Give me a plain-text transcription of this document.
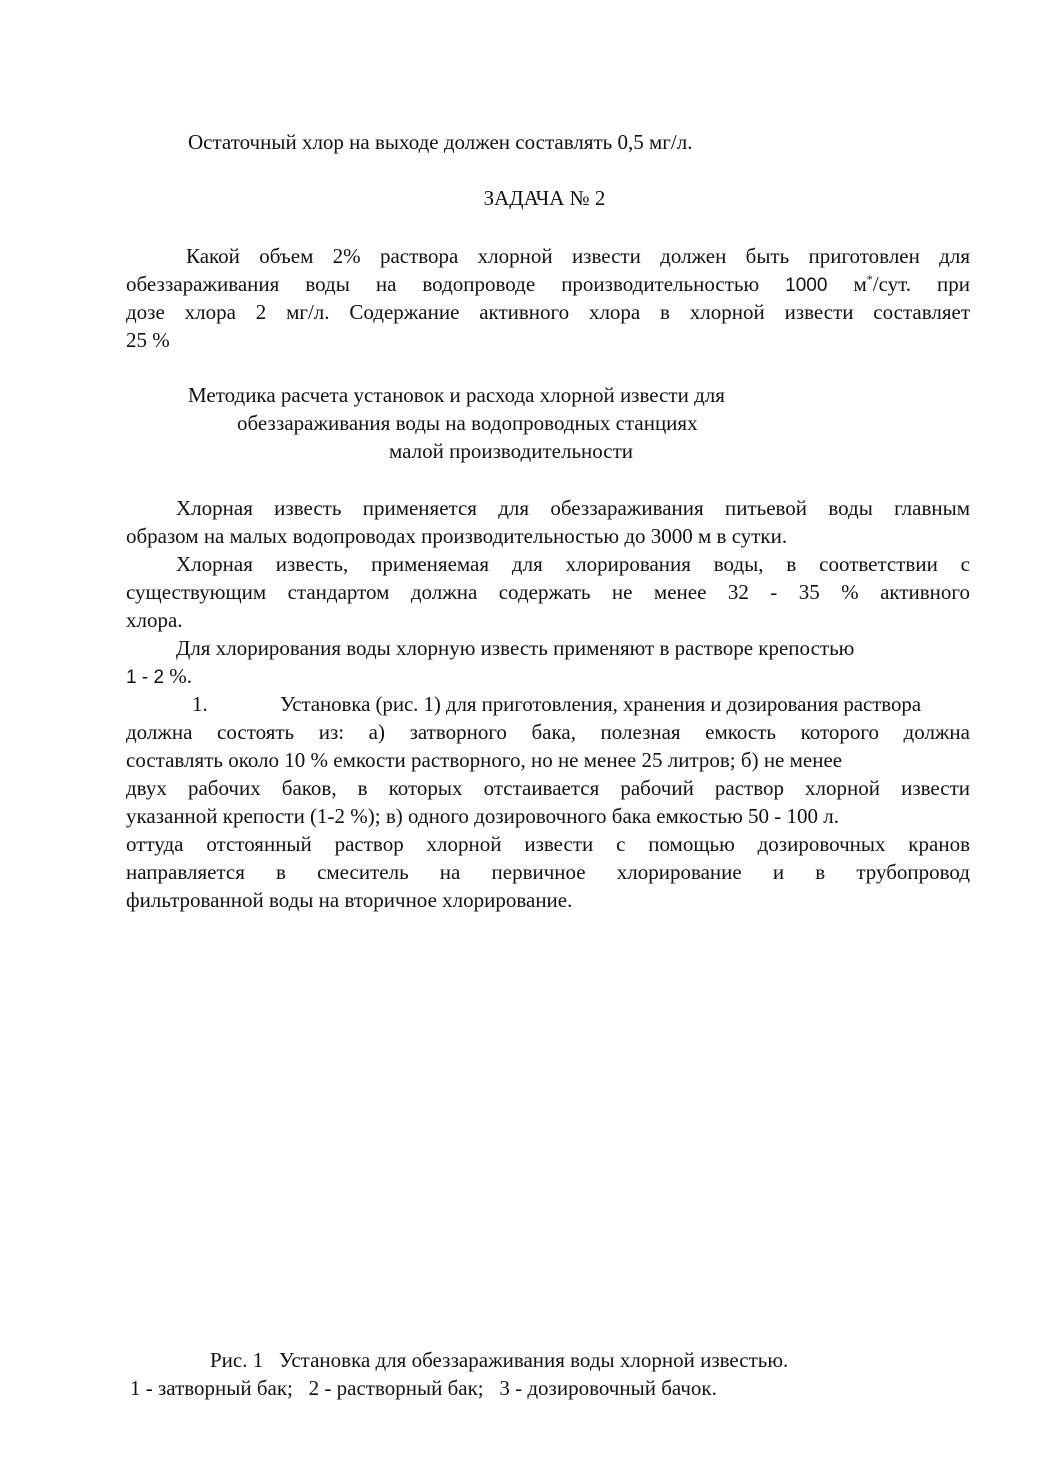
Остаточный хлор на выходе должен составлять 0,5 мг/л.
ЗАДАЧА № 2
Какой объем 2% раствора хлорной извести должен быть приготовлен для
обеззараживания воды на водопроводе производительностью 1000 м*/сут. при
дозе хлора 2 мг/л. Содержание активного хлора в хлорной извести составляет
25 %
Методика расчета установок и расхода хлорной извести для
обеззараживания воды на водопроводных станциях
малой производительности
Хлорная известь применяется для обеззараживания питьевой воды главным
образом на малых водопроводах производительностью до 3000 м в сутки.
Хлорная известь, применяемая для хлорирования воды, в соответствии с
существующим стандартом должна содержать не менее 32 - 35 % активного
хлора.
Для хлорирования воды хлорную известь применяют в растворе крепостью
1 - 2 %.
1.	Установка (рис. 1) для приготовления, хранения и дозирования раствора
должна состоять из: а) затворного бака, полезная емкость которого должна
составлять около 10 % емкости растворного, но не менее 25 литров; б) не менее
двух рабочих баков, в которых отстаивается рабочий раствор хлорной извести
указанной крепости (1-2 %); в) одного дозировочного бака емкостью 50 - 100 л.
оттуда отстоянный раствор хлорной извести с помощью дозировочных кранов
направляется в смеситель на первичное хлорирование и в трубопровод
фильтрованной воды на вторичное хлорирование.
Рис. 1   Установка для обеззараживания воды хлорной известью.
1 - затворный бак;   2 - растворный бак;   3 - дозировочный бачок.
